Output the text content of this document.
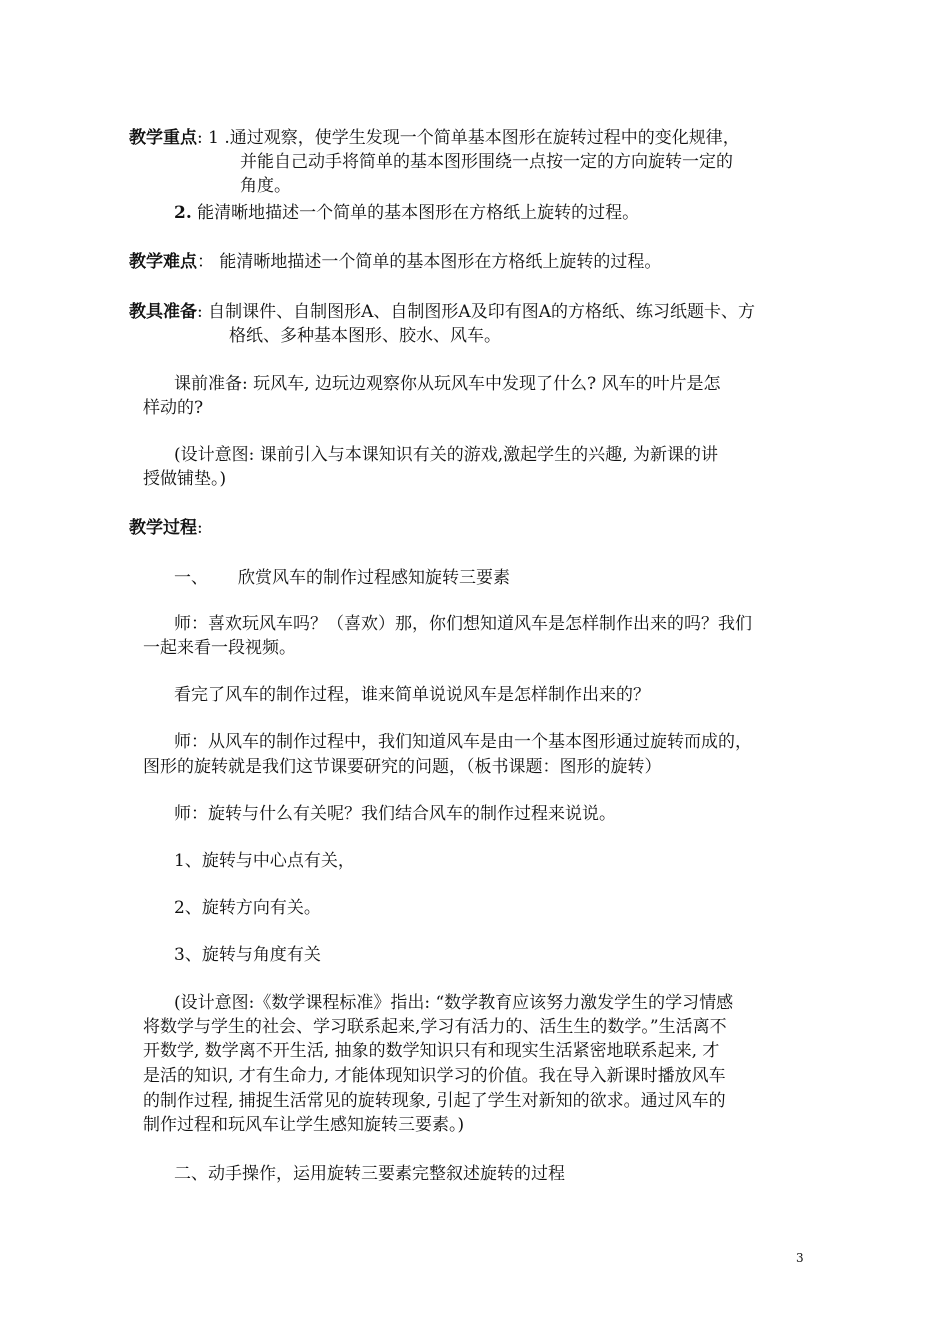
教学重点: 1 .通过观察，使学生发现一个简单基本图形在旋转过程中的变化规律，
并能自己动手将简单的基本图形围绕一点按一定的方向旋转一定的
角度。
2. 能清晰地描述一个简单的基本图形在方格纸上旋转的过程。
教学难点： 能清晰地描述一个简单的基本图形在方格纸上旋转的过程。
教具准备: 自制课件、自制图形A、自制图形A及印有图A的方格纸、练习纸题卡、方
格纸、多种基本图形、胶水、风车。
课前准备: 玩风车, 边玩边观察你从玩风车中发现了什么? 风车的叶片是怎
样动的?
(设计意图: 课前引入与本课知识有关的游戏,激起学生的兴趣, 为新课的讲
授做铺垫。)
教学过程:
一、 欣赏风车的制作过程感知旋转三要素
师：喜欢玩风车吗？（喜欢）那，你们想知道风车是怎样制作出来的吗？我们
一起来看一段视频。
看完了风车的制作过程，谁来简单说说风车是怎样制作出来的？
师：从风车的制作过程中，我们知道风车是由一个基本图形通过旋转而成的，
图形的旋转就是我们这节课要研究的问题，（板书课题：图形的旋转）
师：旋转与什么有关呢？我们结合风车的制作过程来说说。
1、旋转与中心点有关，
2、旋转方向有关。
3、旋转与角度有关
(设计意图:《数学课程标准》指出: “数学教育应该努力激发学生的学习情感
将数学与学生的社会、学习联系起来,学习有活力的、活生生的数学。”生活离不
开数学, 数学离不开生活, 抽象的数学知识只有和现实生活紧密地联系起来, 才
是活的知识, 才有生命力, 才能体现知识学习的价值。我在导入新课时播放风车
的制作过程, 捕捉生活常见的旋转现象, 引起了学生对新知的欲求。通过风车的
制作过程和玩风车让学生感知旋转三要素。)
二、动手操作，运用旋转三要素完整叙述旋转的过程
3
